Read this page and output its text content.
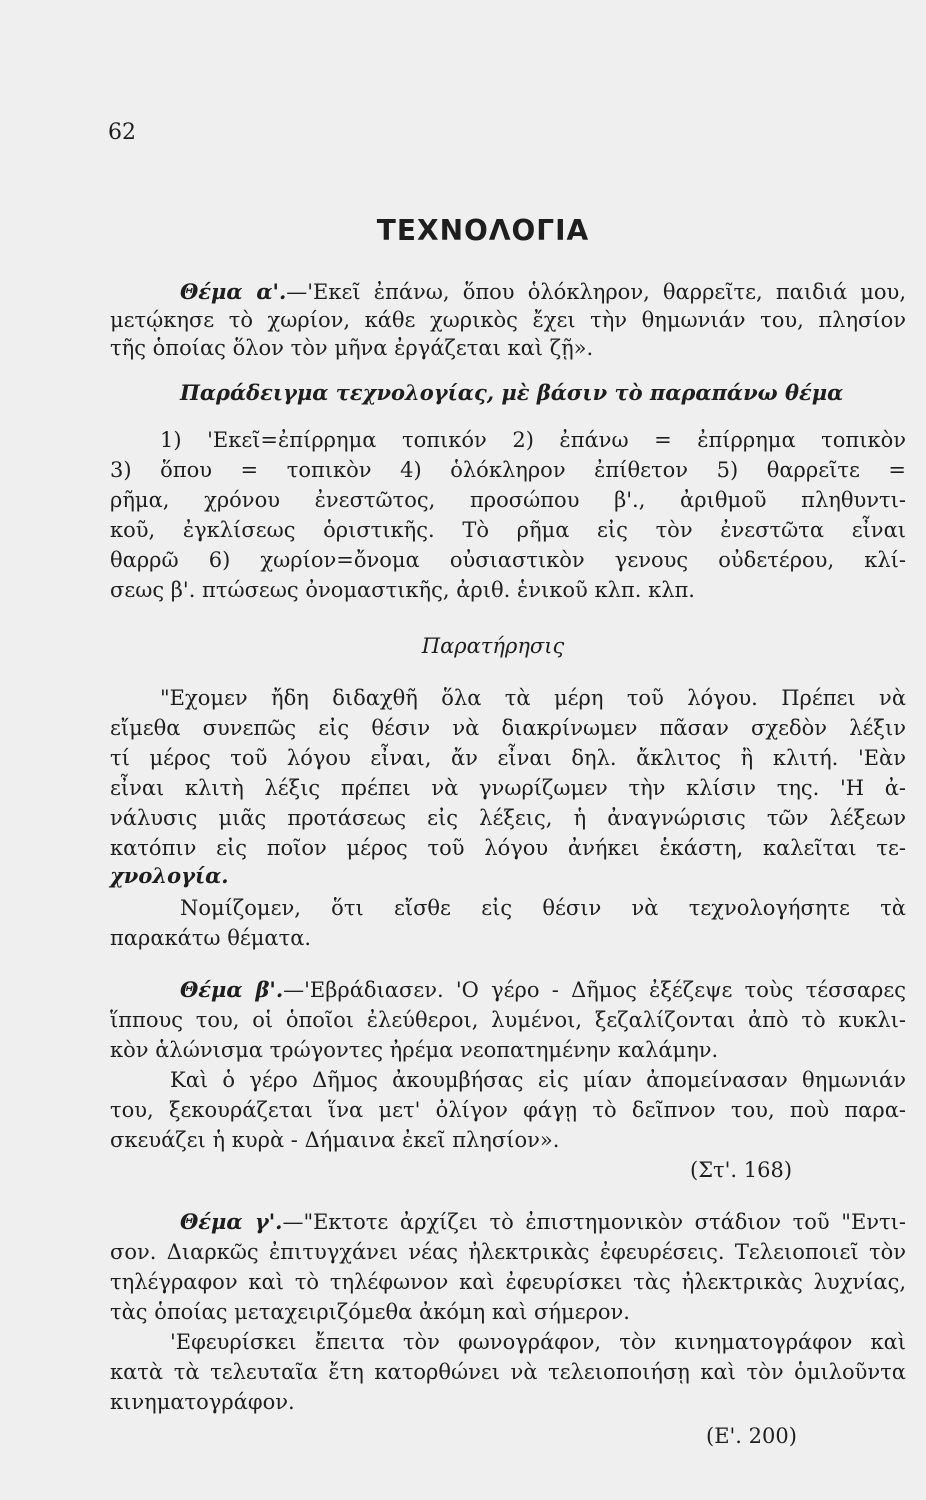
62
ΤΕΧΝΟΛΟΓΙΑ
Θέμα α'.—'Εκεῖ ἐπάνω, ὅπου ὁλόκληρον, θαρρεῖτε, παιδιά μου,
μετῴκησε τὸ χωρίον, κάθε χωρικὸς ἔχει τὴν θημωνιάν του, πλησίον
τῆς ὁποίας ὅλον τὸν μῆνα ἐργάζεται καὶ ζῇ».
Παράδειγμα τεχνολογίας, μὲ βάσιν τὸ παραπάνω θέμα
1) 'Εκεῖ=ἐπίρρημα τοπικόν 2) ἐπάνω = ἐπίρρημα τοπικὸν
3) ὅπου = τοπικὸν 4) ὁλόκληρον ἐπίθετον 5) θαρρεῖτε =
ρῆμα, χρόνου ἐνεστῶτος, προσώπου β'., ἀριθμοῦ πληθυντι-
κοῦ, ἐγκλίσεως ὁριστικῆς. Τὸ ρῆμα εἰς τὸν ἐνεστῶτα εἶναι
θαρρῶ 6) χωρίον=ὄνομα οὐσιαστικὸν γενους οὐδετέρου, κλί-
σεως β'. πτώσεως ὀνομαστικῆς, ἀριθ. ἑνικοῦ κλπ. κλπ.
Παρατήρησις
"Εχομεν ἤδη διδαχθῆ ὅλα τὰ μέρη τοῦ λόγου. Πρέπει νὰ
εἴμεθα συνεπῶς εἰς θέσιν νὰ διακρίνωμεν πᾶσαν σχεδὸν λέξιν
τί μέρος τοῦ λόγου εἶναι, ἄν εἶναι δηλ. ἄκλιτος ἢ κλιτή. 'Εὰν
εἶναι κλιτὴ λέξις πρέπει νὰ γνωρίζωμεν τὴν κλίσιν της. 'Η ἀ-
νάλυσις μιᾶς προτάσεως εἰς λέξεις, ἡ ἀναγνώρισις τῶν λέξεων
κατόπιν εἰς ποῖον μέρος τοῦ λόγου ἀνήκει ἑκάστη, καλεῖται τε-
χνολογία.
Νομίζομεν, ὅτι εἴσθε εἰς θέσιν νὰ τεχνολογήσητε τὰ
παρακάτω θέματα.
Θέμα β'.—'Εβράδιασεν. 'Ο γέρο - Δῆμος ἐξέζεψε τοὺς τέσσαρες
ἵππους του, οἱ ὁποῖοι ἐλεύθεροι, λυμένοι, ξεζαλίζονται ἀπὸ τὸ κυκλι-
κὸν ἁλώνισμα τρώγοντες ἠρέμα νεοπατημένην καλάμην.
Καὶ ὁ γέρο Δῆμος ἀκουμβήσας εἰς μίαν ἀπομείνασαν θημωνιάν
του, ξεκουράζεται ἵνα μετ' ὀλίγον φάγῃ τὸ δεῖπνον του, ποὺ παρα-
σκευάζει ἡ κυρὰ - Δήμαινα ἐκεῖ πλησίον».
(Στ'. 168)
Θέμα γ'.—"Εκτοτε ἀρχίζει τὸ ἐπιστημονικὸν στάδιον τοῦ "Εντι-
σον. Διαρκῶς ἐπιτυγχάνει νέας ἠλεκτρικὰς ἐφευρέσεις. Τελειοποιεῖ τὸν
τηλέγραφον καὶ τὸ τηλέφωνον καὶ ἐφευρίσκει τὰς ἠλεκτρικὰς λυχνίας,
τὰς ὁποίας μεταχειριζόμεθα ἀκόμη καὶ σήμερον.
'Εφευρίσκει ἔπειτα τὸν φωνογράφον, τὸν κινηματογράφον καὶ
κατὰ τὰ τελευταῖα ἔτη κατορθώνει νὰ τελειοποιήσῃ καὶ τὸν ὁμιλοῦντα
κινηματογράφον.
(Ε'. 200)
